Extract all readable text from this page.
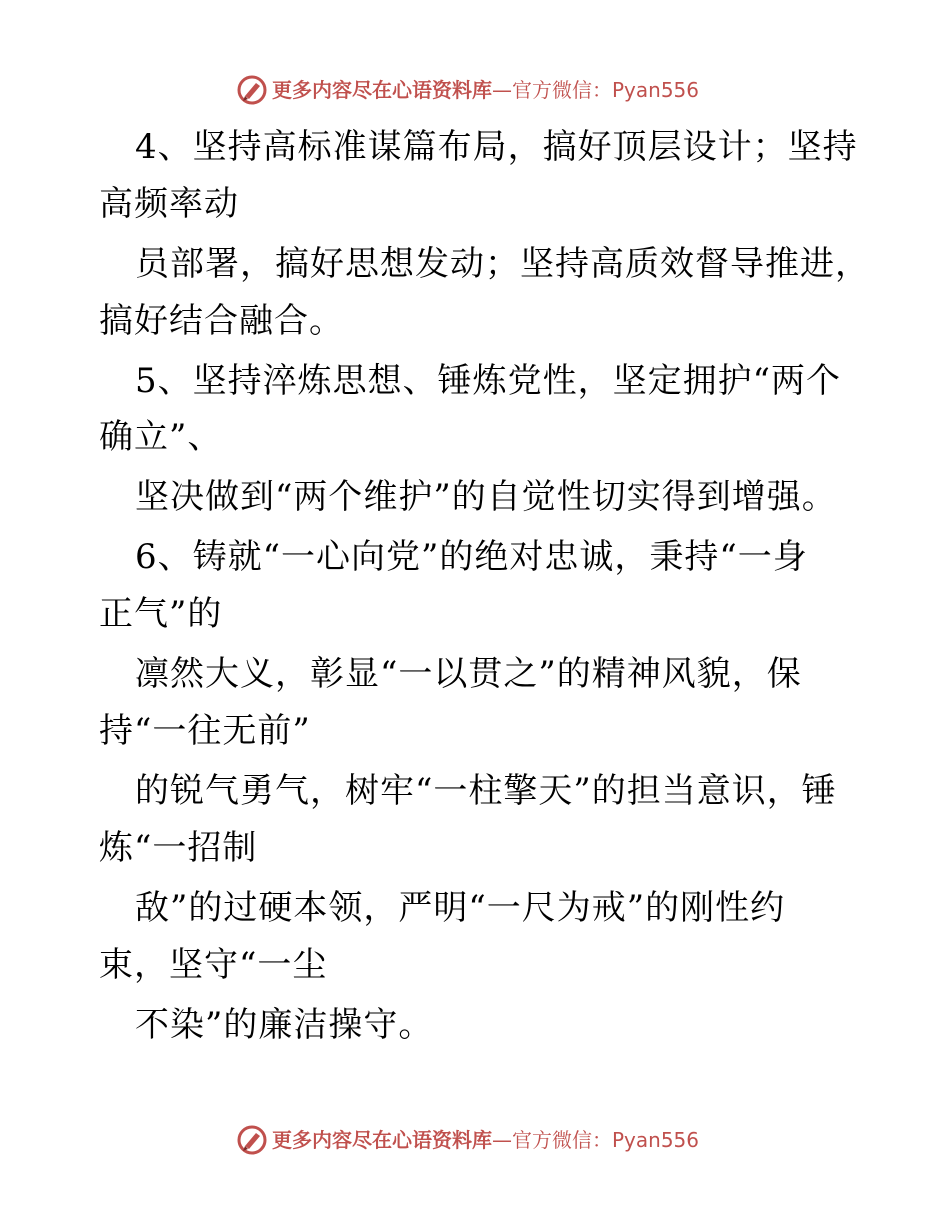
更多内容尽在心语资料库 — 官方微信： Pyan556
4、坚持高标准谋篇布局，搞好顶层设计；坚持
高频率动
员部署，搞好思想发动；坚持高质效督导推进，
搞好结合融合。
5、坚持淬炼思想、锤炼党性，坚定拥护“两个
确立”、
坚决做到“两个维护”的自觉性切实得到增强。
6、铸就“一心向党”的绝对忠诚，秉持“一身
正气”的
凛然大义，彰显“一以贯之”的精神风貌，保
持“一往无前”
的锐气勇气，树牢“一柱擎天”的担当意识，锤
炼“一招制
敌”的过硬本领，严明“一尺为戒”的刚性约
束，坚守“一尘
不染”的廉洁操守。
更多内容尽在心语资料库 — 官方微信： Pyan556
